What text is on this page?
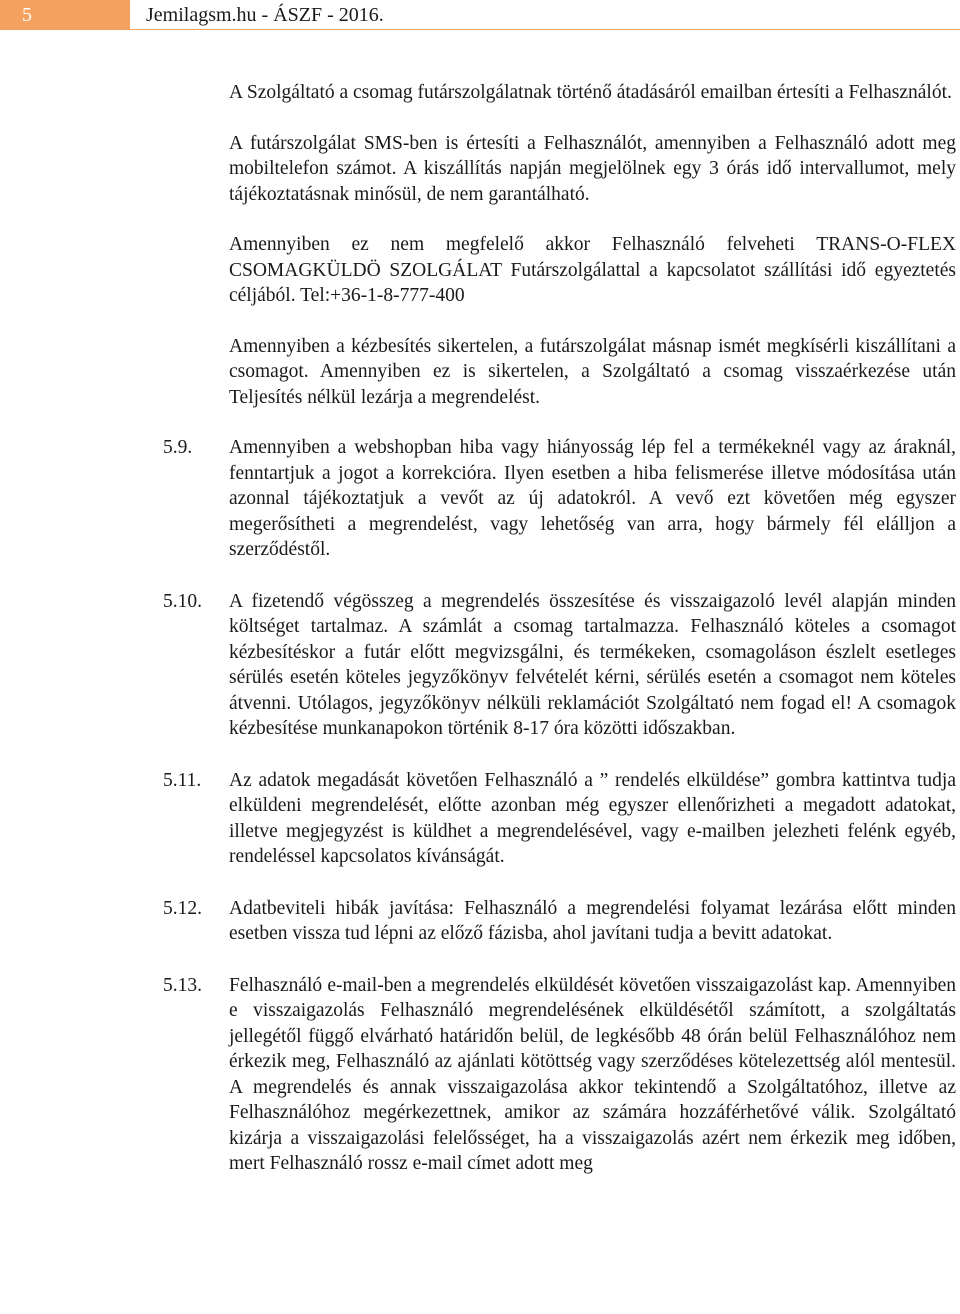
5	Jemilagsm.hu - ÁSZF - 2016.

A Szolgáltató a csomag futárszolgálatnak történő átadásáról emailban értesíti a Felhasználót.

A futárszolgálat SMS-ben is értesíti a Felhasználót, amennyiben a Felhasználó adott meg mobiltelefon számot. A kiszállítás napján megjelölnek egy 3 órás idő intervallumot, mely tájékoztatásnak minősül, de nem garantálható.

Amennyiben ez nem megfelelő akkor Felhasználó felveheti TRANS-O-FLEX CSOMAGKÜLDÖ SZOLGÁLAT Futárszolgálattal a kapcsolatot szállítási idő egyeztetés céljából. Tel:+36-1-8-777-400

Amennyiben a kézbesítés sikertelen, a futárszolgálat másnap ismét megkísérli kiszállítani a csomagot. Amennyiben ez is sikertelen, a Szolgáltató a csomag visszaérkezése után Teljesítés nélkül lezárja a megrendelést.

5.9.	Amennyiben a webshopban hiba vagy hiányosság lép fel a termékeknél vagy az áraknál, fenntartjuk a jogot a korrekcióra. Ilyen esetben a hiba felismerése illetve módosítása után azonnal tájékoztatjuk a vevőt az új adatokról. A vevő ezt követően még egyszer megerősítheti a megrendelést, vagy lehetőség van arra, hogy bármely fél elálljon a szerződéstől.

5.10.	A fizetendő végösszeg a megrendelés összesítése és visszaigazoló levél alapján minden költséget tartalmaz. A számlát a csomag tartalmazza. Felhasználó köteles a csomagot kézbesítéskor a futár előtt megvizsgálni, és termékeken, csomagoláson észlelt esetleges sérülés esetén köteles jegyzőkönyv felvételét kérni, sérülés esetén a csomagot nem köteles átvenni. Utólagos, jegyzőkönyv nélküli reklamációt Szolgáltató nem fogad el! A csomagok kézbesítése munkanapokon történik 8-17 óra közötti időszakban.

5.11.	Az adatok megadását követően Felhasználó a ” rendelés elküldése” gombra kattintva tudja elküldeni megrendelését, előtte azonban még egyszer ellenőrizheti a megadott adatokat, illetve megjegyzést is küldhet a megrendelésével, vagy e-mailben jelezheti felénk egyéb, rendeléssel kapcsolatos kívánságát.

5.12.	Adatbeviteli hibák javítása: Felhasználó a megrendelési folyamat lezárása előtt minden esetben vissza tud lépni az előző fázisba, ahol javítani tudja a bevitt adatokat.

5.13.	Felhasználó e-mail-ben a megrendelés elküldését követően visszaigazolást kap. Amennyiben e visszaigazolás Felhasználó megrendelésének elküldésétől számított, a szolgáltatás jellegétől függő elvárható határidőn belül, de legkésőbb 48 órán belül Felhasználóhoz nem érkezik meg, Felhasználó az ajánlati kötöttség vagy szerződéses kötelezettség alól mentesül. A megrendelés és annak visszaigazolása akkor tekintendő a Szolgáltatóhoz, illetve az Felhasználóhoz megérkezettnek, amikor az számára hozzáférhetővé válik. Szolgáltató kizárja a visszaigazolási felelősséget, ha a visszaigazolás azért nem érkezik meg időben, mert Felhasználó rossz e-mail címet adott meg
